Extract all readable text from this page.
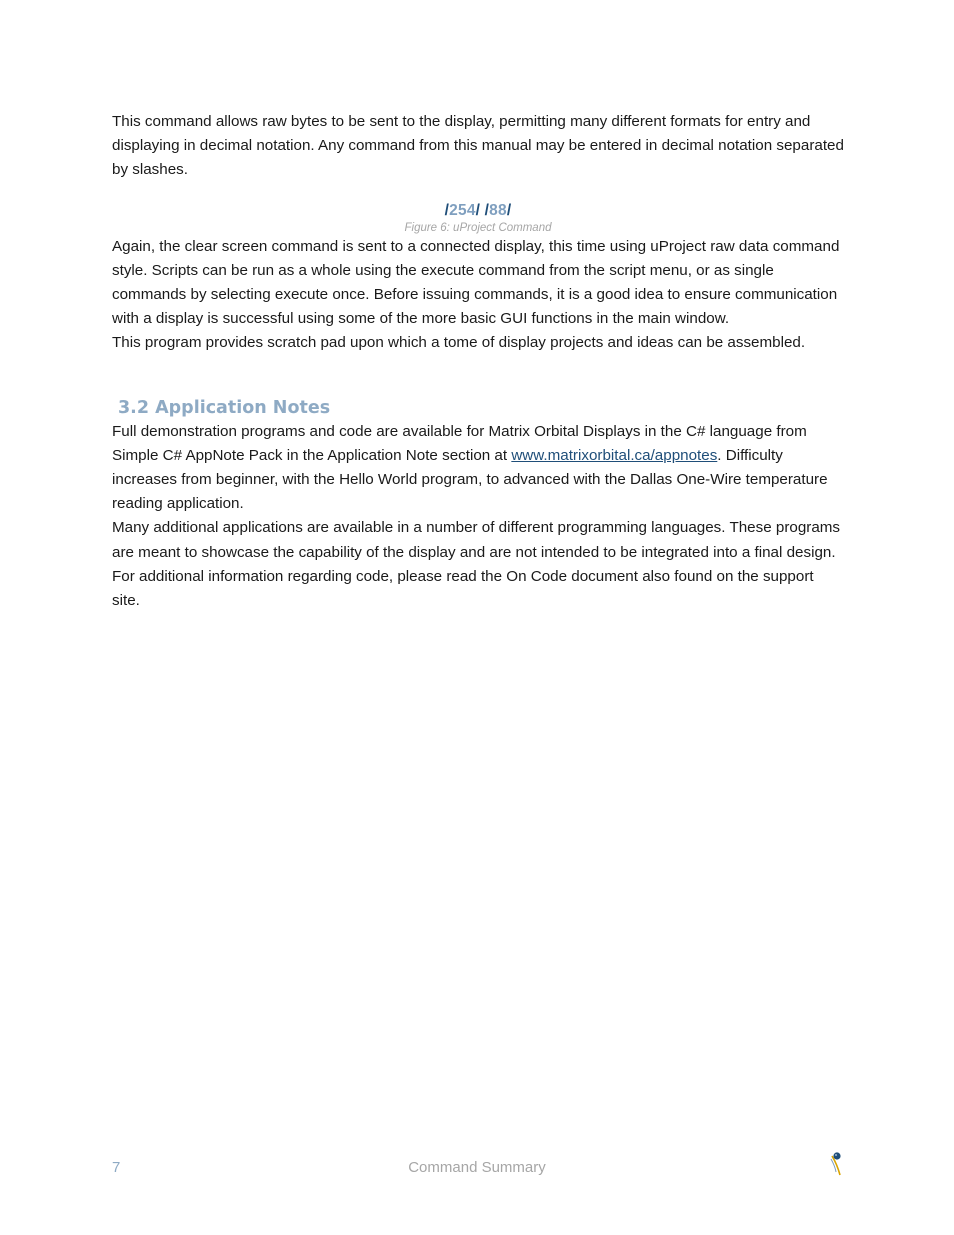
This command allows raw bytes to be sent to the display, permitting many different formats for entry and displaying in decimal notation. Any command from this manual may be entered in decimal notation separated by slashes.

/254/ /88/
Figure 6: uProject Command

Again, the clear screen command is sent to a connected display, this time using uProject raw data command style. Scripts can be run as a whole using the execute command from the script menu, or as single commands by selecting execute once. Before issuing commands, it is a good idea to ensure communication with a display is successful using some of the more basic GUI functions in the main window.

This program provides scratch pad upon which a tome of display projects and ideas can be assembled.

3.2 Application Notes

Full demonstration programs and code are available for Matrix Orbital Displays in the C# language from Simple C# AppNote Pack in the Application Note section at www.matrixorbital.ca/appnotes. Difficulty increases from beginner, with the Hello World program, to advanced with the Dallas One-Wire temperature reading application.

Many additional applications are available in a number of different programming languages. These programs are meant to showcase the capability of the display and are not intended to be integrated into a final design. For additional information regarding code, please read the On Code document also found on the support site.

7	Command Summary
